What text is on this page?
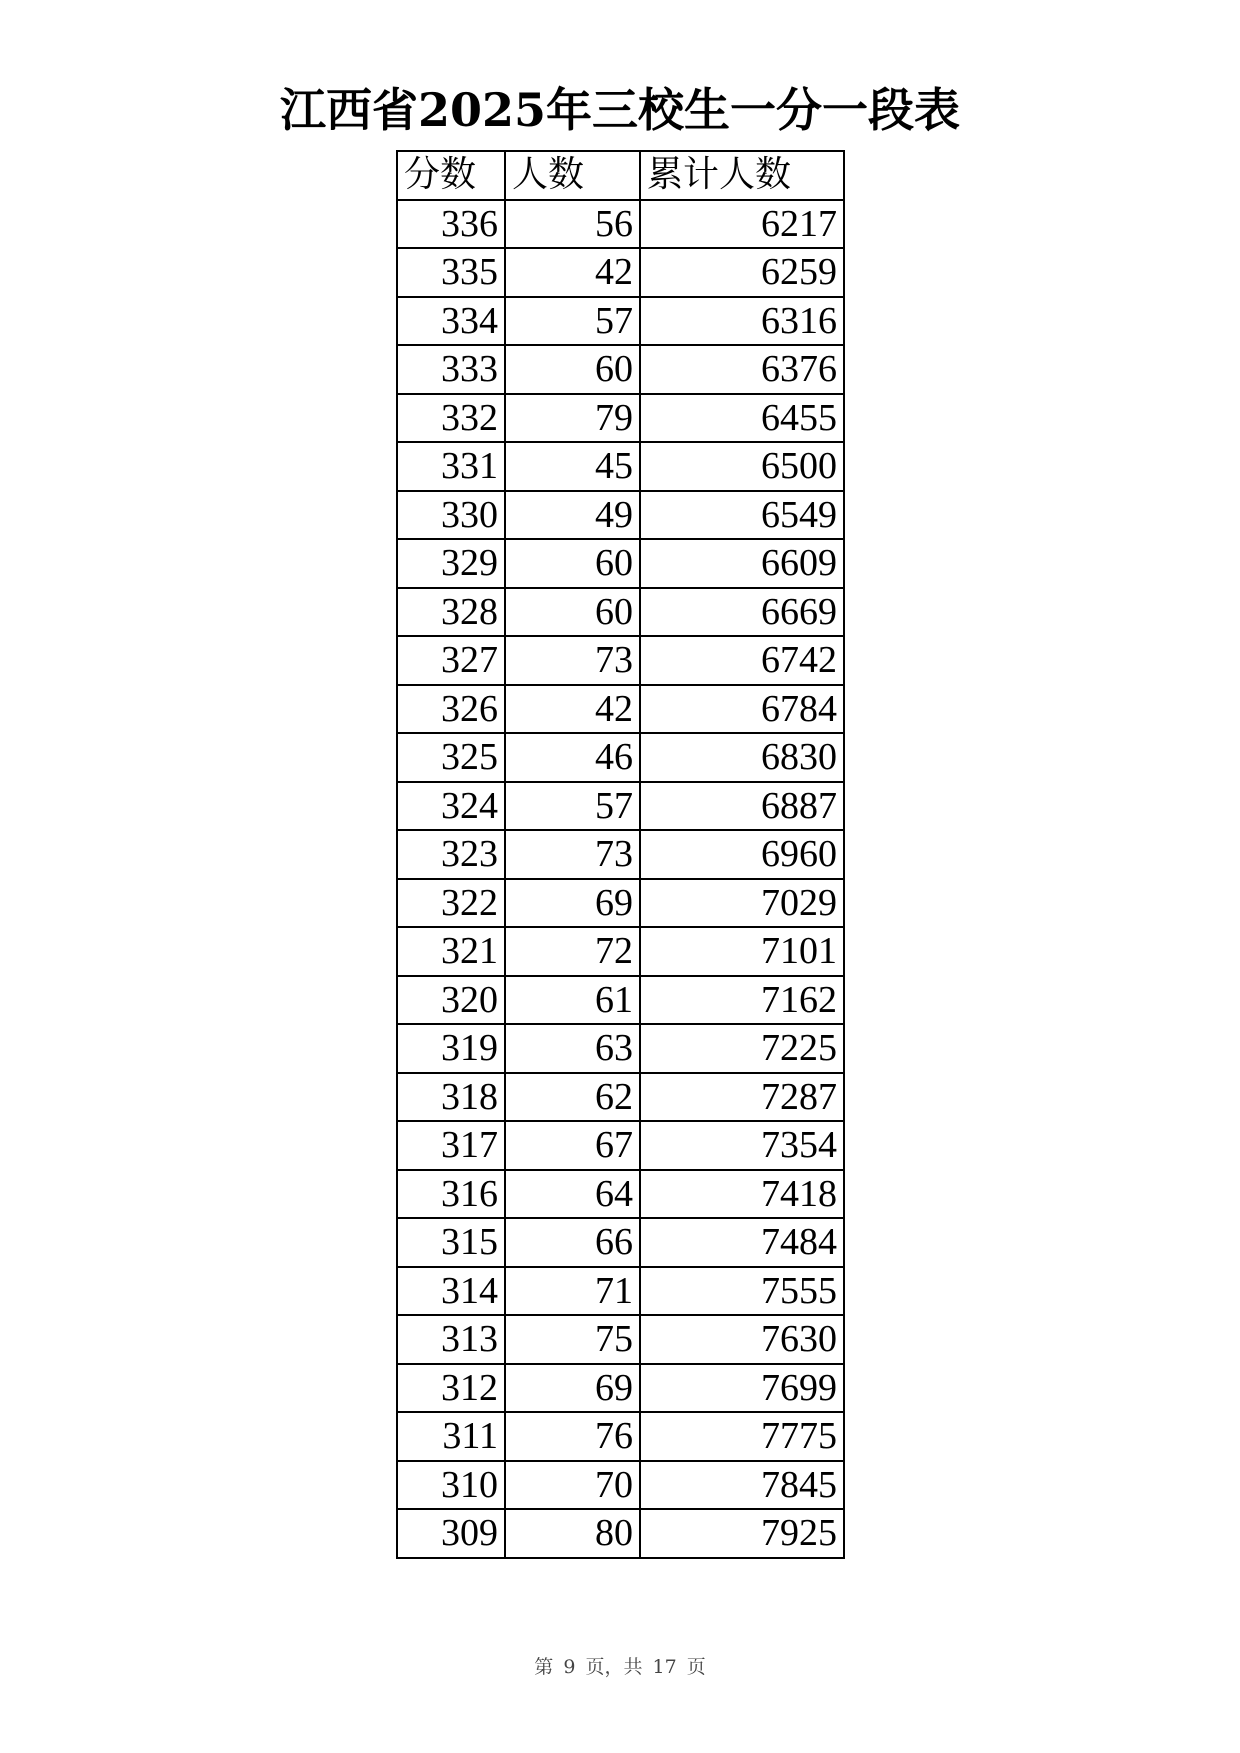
江西省2025年三校生一分一段表
分数	人数	累计人数
336	56	6217
335	42	6259
334	57	6316
333	60	6376
332	79	6455
331	45	6500
330	49	6549
329	60	6609
328	60	6669
327	73	6742
326	42	6784
325	46	6830
324	57	6887
323	73	6960
322	69	7029
321	72	7101
320	61	7162
319	63	7225
318	62	7287
317	67	7354
316	64	7418
315	66	7484
314	71	7555
313	75	7630
312	69	7699
311	76	7775
310	70	7845
309	80	7925
第 9 页，共 17 页
